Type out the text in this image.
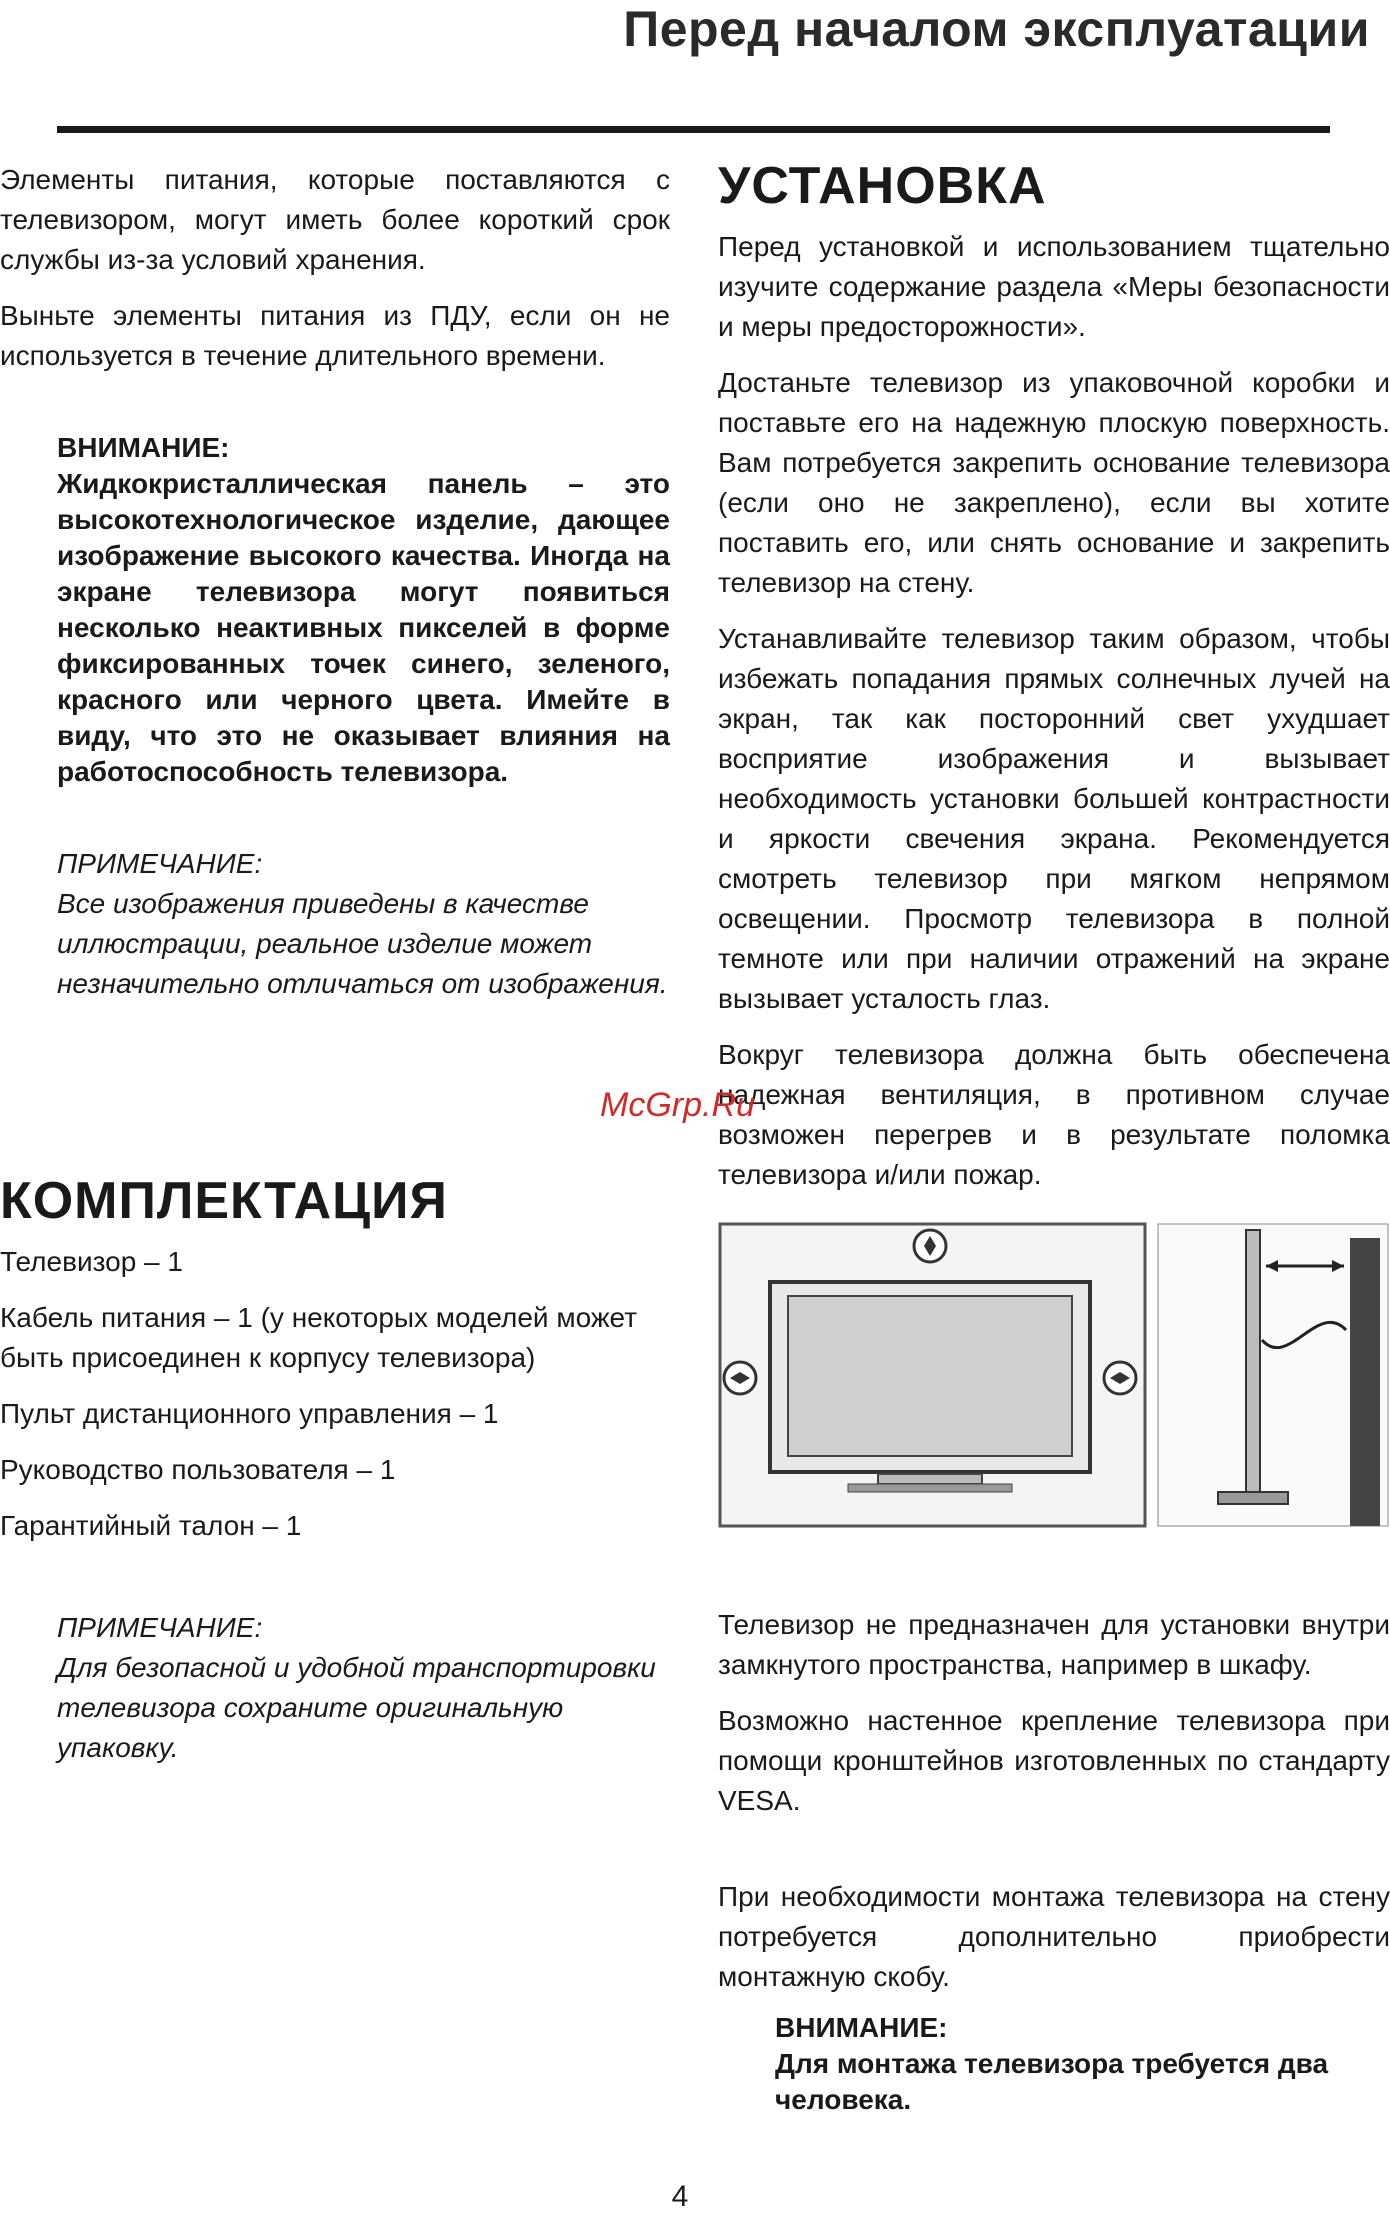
Перед началом эксплуатации

Элементы питания, которые поставляются с телевизором, могут иметь более короткий срок службы из-за условий хранения.

Выньте элементы питания из ПДУ, если он не используется в течение длительного времени.

ВНИМАНИЕ:
Жидкокристаллическая панель – это высокотехнологическое изделие, дающее изображение высокого качества. Иногда на экране телевизора могут появиться несколько неактивных пикселей в форме фиксированных точек синего, зеленого, красного или черного цвета. Имейте в виду, что это не оказывает влияния на работоспособность телевизора.
ПРИМЕЧАНИЕ:
Все изображения приведены в качестве иллюстрации, реальное изделие может незначительно отличаться от изображения.
КОМПЛЕКТАЦИЯ
Телевизор – 1
Кабель питания – 1 (у некоторых моделей может быть присоединен к корпусу телевизора)
Пульт дистанционного управления – 1
Руководство пользователя – 1
Гарантийный талон – 1
ПРИМЕЧАНИЕ:
Для безопасной и удобной транспортировки телевизора сохраните оригинальную упаковку.
УСТАНОВКА

Перед установкой и использованием тщательно изучите содержание раздела «Меры безопасности и меры предосторожности».

Достаньте телевизор из упаковочной коробки и поставьте его на надежную плоскую поверхность. Вам потребуется закрепить основание телевизора (если оно не закреплено), если вы хотите поставить его, или снять основание и закрепить телевизор на стену.

Устанавливайте телевизор таким образом, чтобы избежать попадания прямых солнечных лучей на экран, так как посторонний свет ухудшает восприятие изображения и вызывает необходимость установки большей контрастности и яркости свечения экрана. Рекомендуется смотреть телевизор при мягком непрямом освещении. Просмотр телевизора в полной темноте или при наличии отражений на экране вызывает усталость глаз.

Вокруг телевизора должна быть обеспечена надежная вентиляция, в противном случае возможен перегрев и в результате поломка телевизора и/или пожар.

Телевизор не предназначен для установки внутри замкнутого пространства, например в шкафу.

Возможно настенное крепление телевизора при помощи кронштейнов изготовленных по стандарту VESA.

При необходимости монтажа телевизора на стену потребуется дополнительно приобрести монтажную скобу.

ВНИМАНИЕ:
Для монтажа телевизора требуется два человека.
McGrp.Ru
4
